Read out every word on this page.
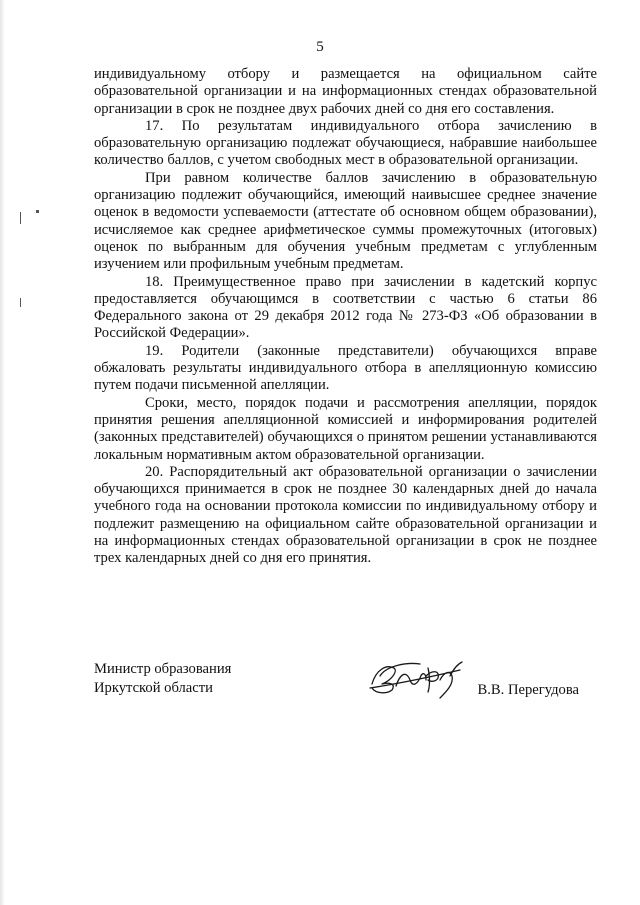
5

индивидуальному отбору и размещается на официальном сайте образовательной организации и на информационных стендах образовательной организации в срок не позднее двух рабочих дней со дня его составления.

17. По результатам индивидуального отбора зачислению в образовательную организацию подлежат обучающиеся, набравшие наибольшее количество баллов, с учетом свободных мест в образовательной организации.

При равном количестве баллов зачислению в образовательную организацию подлежит обучающийся, имеющий наивысшее среднее значение оценок в ведомости успеваемости (аттестате об основном общем образовании), исчисляемое как среднее арифметическое суммы промежуточных (итоговых) оценок по выбранным для обучения учебным предметам с углубленным изучением или профильным учебным предметам.

18. Преимущественное право при зачислении в кадетский корпус предоставляется обучающимся в соответствии с частью 6 статьи 86 Федерального закона от 29 декабря 2012 года № 273-ФЗ «Об образовании в Российской Федерации».

19. Родители (законные представители) обучающихся вправе обжаловать результаты индивидуального отбора в апелляционную комиссию путем подачи письменной апелляции.

Сроки, место, порядок подачи и рассмотрения апелляции, порядок принятия решения апелляционной комиссией и информирования родителей (законных представителей) обучающихся о принятом решении устанавливаются локальным нормативным актом образовательной организации.

20. Распорядительный акт образовательной организации о зачислении обучающихся принимается в срок не позднее 30 календарных дней до начала учебного года на основании протокола комиссии по индивидуальному отбору и подлежит размещению на официальном сайте образовательной организации и на информационных стендах образовательной организации в срок не позднее трех календарных дней со дня его принятия.

Министр образования
Иркутской области	В.В. Перегудова
